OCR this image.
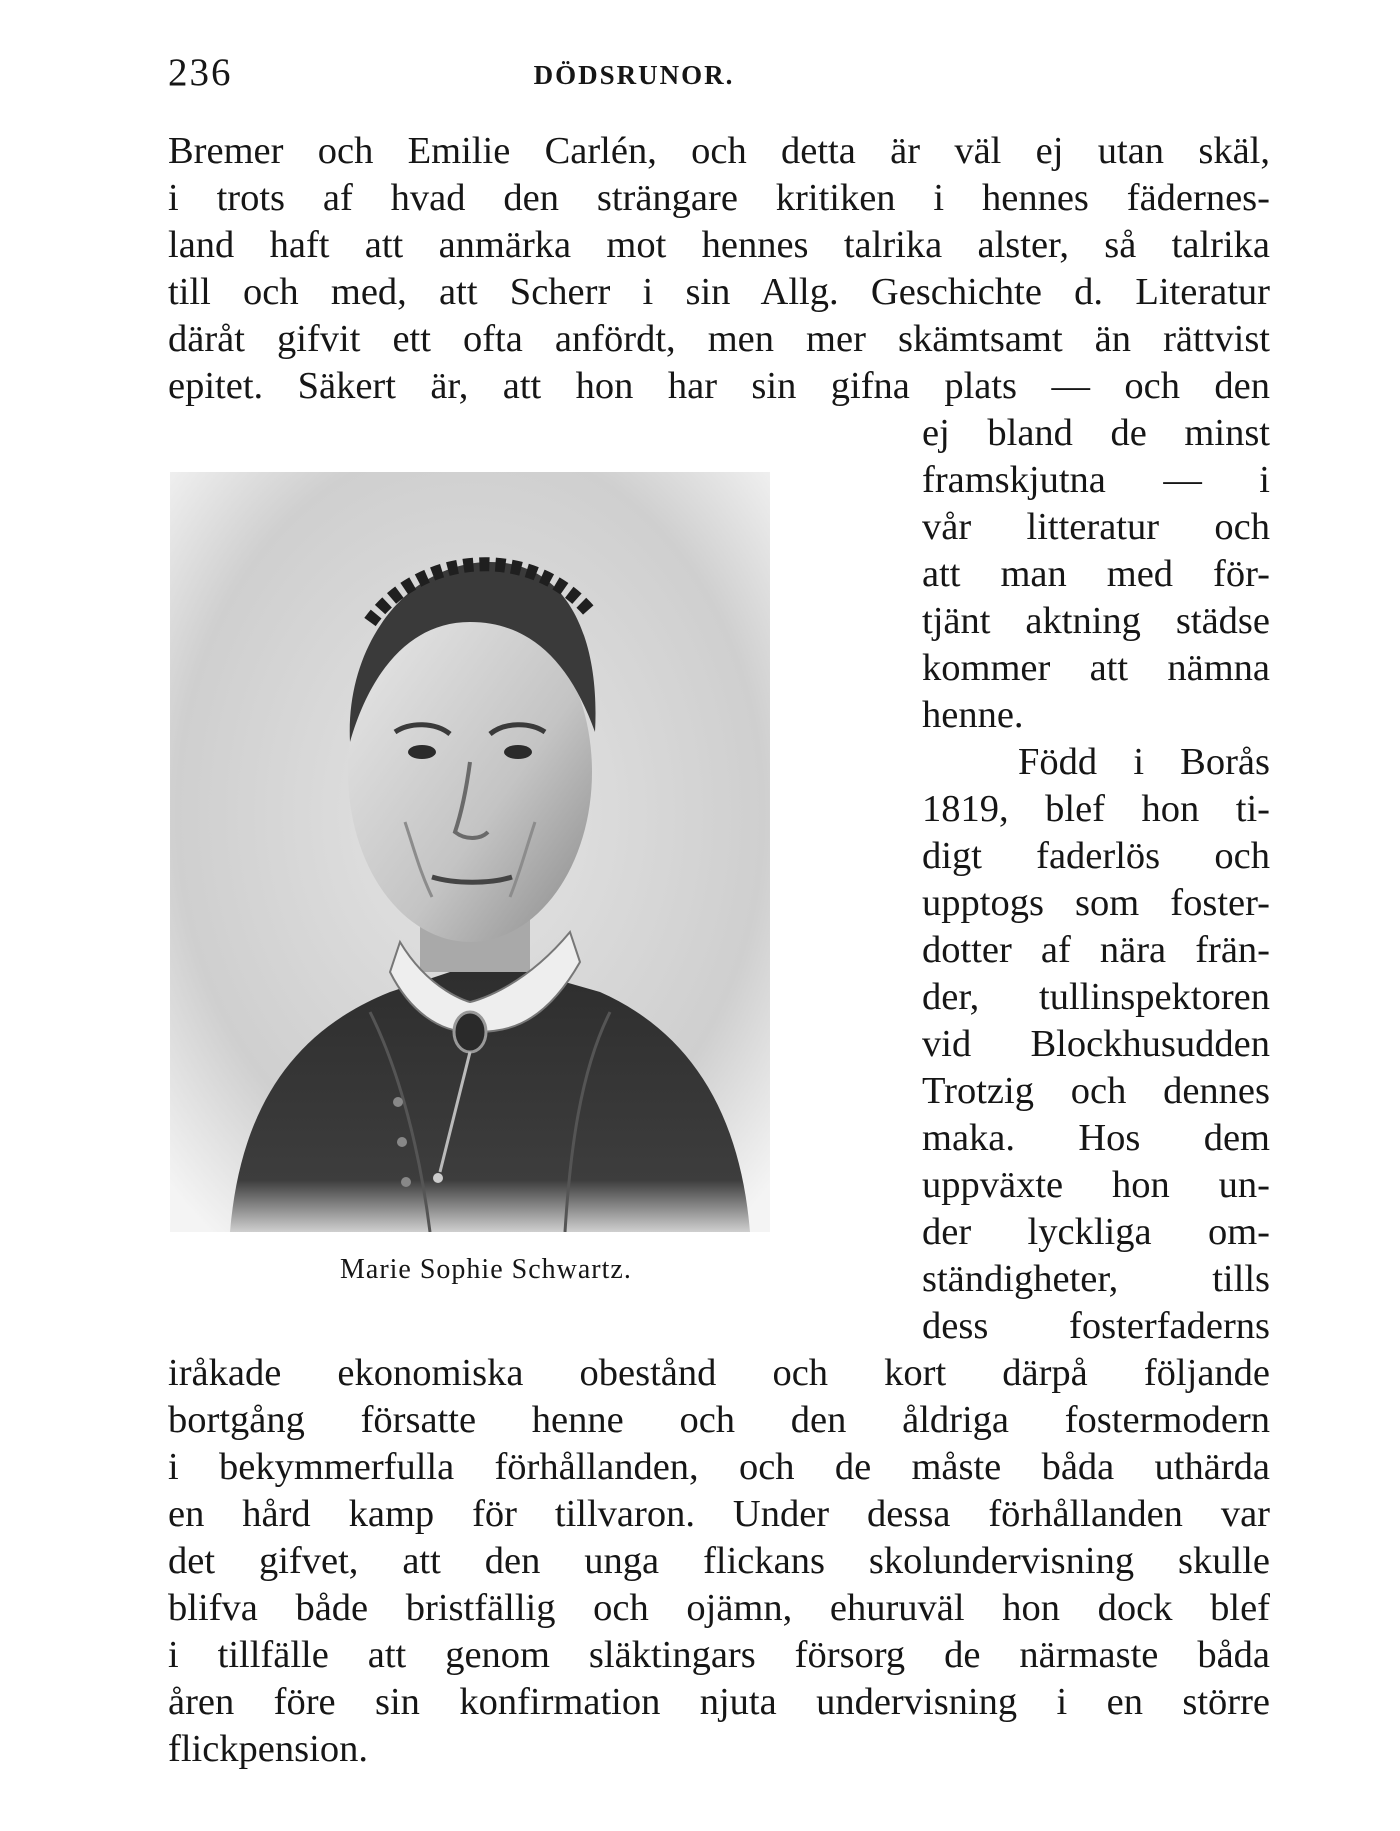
236	DÖDSRUNOR.
Bremer och Emilie Carlén, och detta är väl ej utan skäl,
i trots af hvad den strängare kritiken i hennes fädernes-
land haft att anmärka mot hennes talrika alster, så talrika
till och med, att Scherr i sin Allg. Geschichte d. Literatur
däråt gifvit ett ofta anfördt, men mer skämtsamt än rättvist
epitet. Säkert är, att hon har sin gifna plats — och den
Marie Sophie Schwartz.
ej bland de minst
framskjutna — i
vår litteratur och
att man med för-
tjänt aktning städse
kommer att nämna
henne.
Född i Borås
1819, blef hon ti-
digt faderlös och
upptogs som foster-
dotter af nära frän-
der, tullinspektoren
vid Blockhusudden
Trotzig och dennes
maka. Hos dem
uppväxte hon un-
der lyckliga om-
ständigheter, tills
dess fosterfaderns
iråkade ekonomiska obestånd och kort därpå följande
bortgång försatte henne och den åldriga fostermodern
i bekymmerfulla förhållanden, och de måste båda uthärda
en hård kamp för tillvaron. Under dessa förhållanden var
det gifvet, att den unga flickans skolundervisning skulle
blifva både bristfällig och ojämn, ehuruväl hon dock blef
i tillfälle att genom släktingars försorg de närmaste båda
åren före sin konfirmation njuta undervisning i en större
flickpension.
